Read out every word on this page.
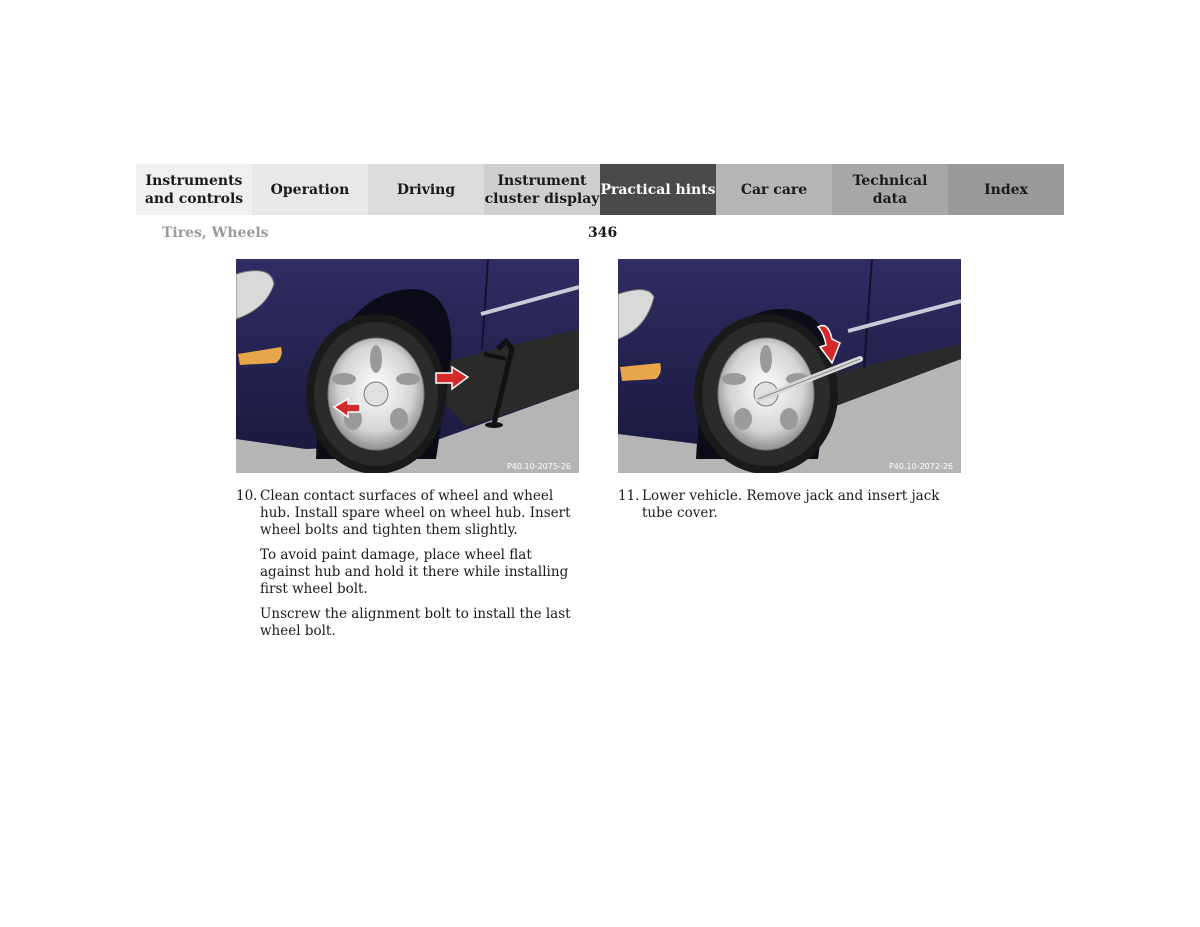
Instruments
and controls
Operation	Driving
Instrument
cluster display
Practical hints	Car care
Technical
data
Index
Tires, Wheels	346
P40.10-2075-26	P40.10-2072-26
10. Clean contact surfaces of wheel and wheel hub. Install spare wheel on wheel hub. Insert wheel bolts and tighten them slightly.

To avoid paint damage, place wheel flat against hub and hold it there while installing first wheel bolt.

Unscrew the alignment bolt to install the last wheel bolt.

11. Lower vehicle. Remove jack and insert jack tube cover.
